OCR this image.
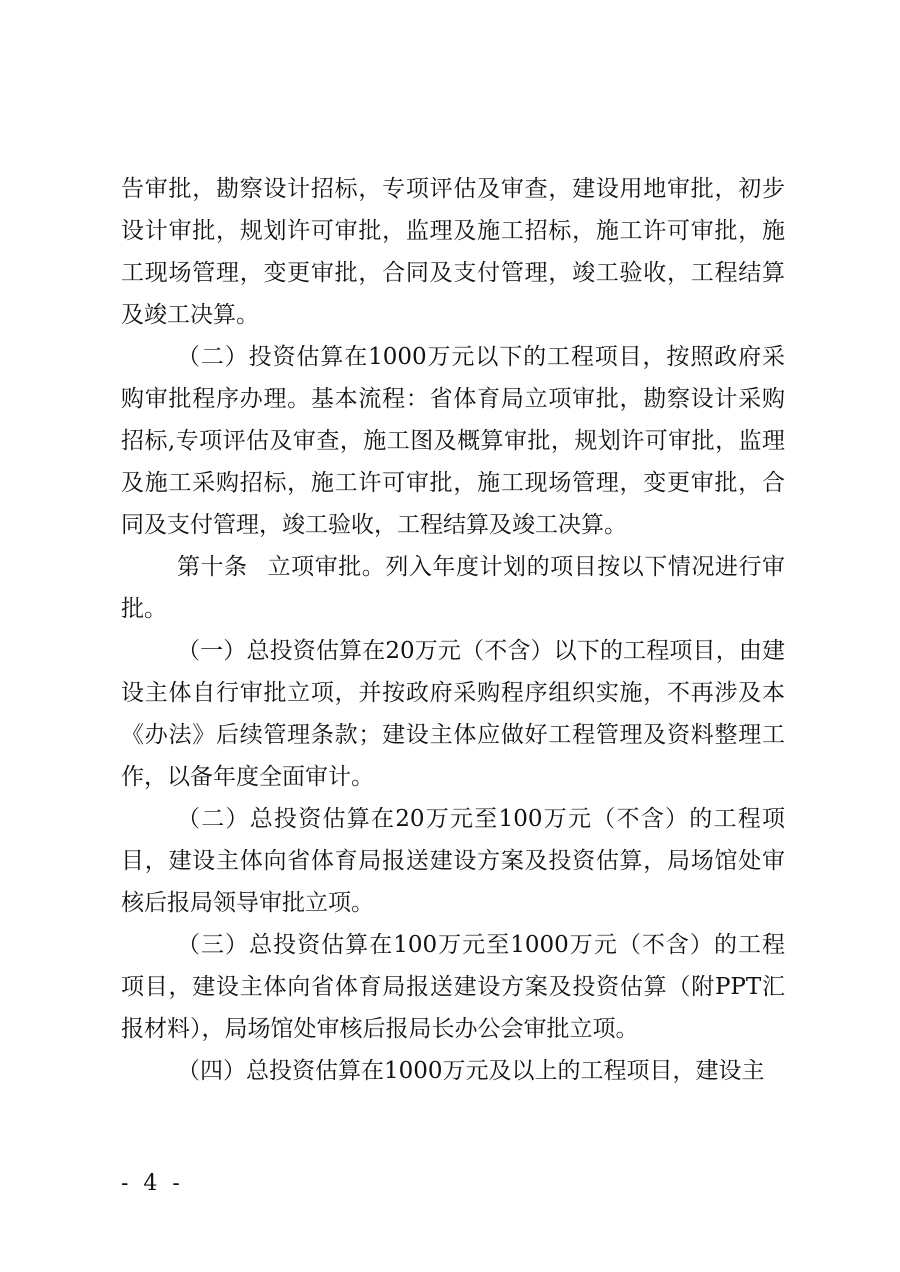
告审批，勘察设计招标，专项评估及审查，建设用地审批，初步设计审批，规划许可审批，监理及施工招标，施工许可审批，施工现场管理，变更审批，合同及支付管理，竣工验收，工程结算及竣工决算。

（二）投资估算在1000万元以下的工程项目，按照政府采购审批程序办理。基本流程：省体育局立项审批，勘察设计采购招标,专项评估及审查，施工图及概算审批，规划许可审批，监理及施工采购招标，施工许可审批，施工现场管理，变更审批，合同及支付管理，竣工验收，工程结算及竣工决算。

第十条 立项审批。列入年度计划的项目按以下情况进行审批。

（一）总投资估算在20万元（不含）以下的工程项目，由建设主体自行审批立项，并按政府采购程序组织实施，不再涉及本《办法》后续管理条款；建设主体应做好工程管理及资料整理工作，以备年度全面审计。

（二）总投资估算在20万元至100万元（不含）的工程项目，建设主体向省体育局报送建设方案及投资估算，局场馆处审核后报局领导审批立项。

（三）总投资估算在100万元至1000万元（不含）的工程项目，建设主体向省体育局报送建设方案及投资估算（附PPT汇报材料），局场馆处审核后报局长办公会审批立项。

（四）总投资估算在1000万元及以上的工程项目，建设主

- 4 -
